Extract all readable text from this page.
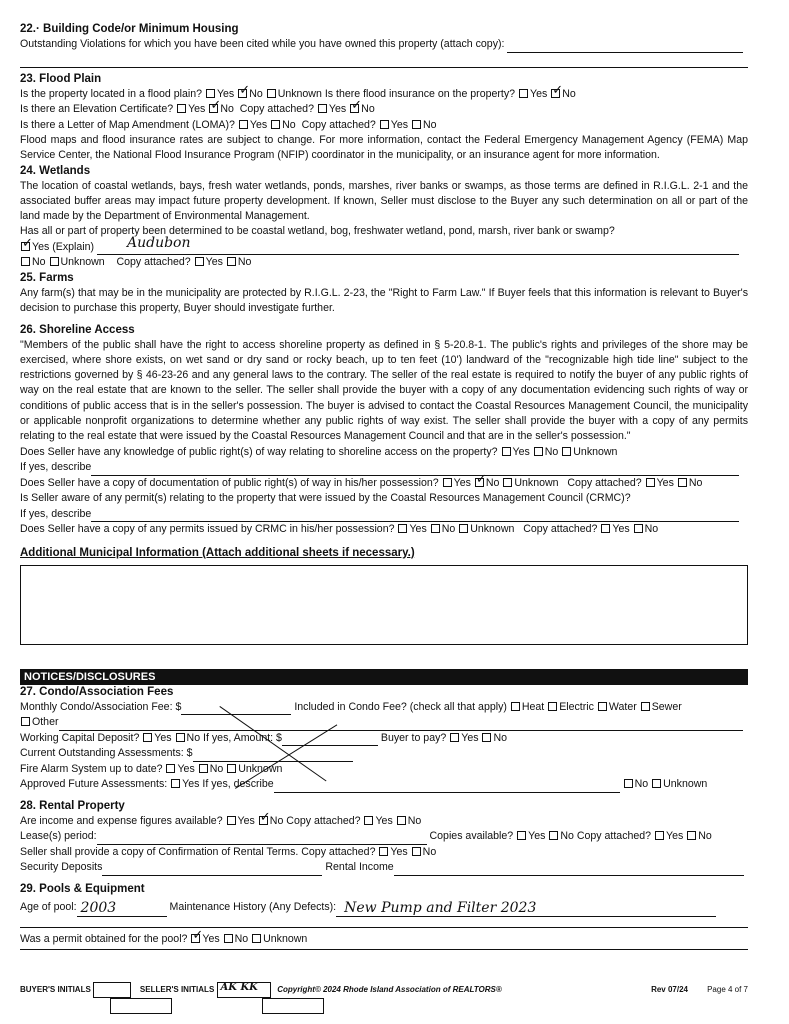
22.· Building Code/or Minimum Housing

Outstanding Violations for which you have been cited while you have owned this property (attach copy):

23. Flood Plain

Is the property located in a flood plain? Yes ✓ No Unknown Is there flood insurance on the property? Yes ✓ No
Is there an Elevation Certificate? Yes ✓ No Copy attached? Yes ✓ No
Is there a Letter of Map Amendment (LOMA)? Yes No Copy attached? Yes No
Flood maps and flood insurance rates are subject to change. For more information, contact the Federal Emergency Management Agency (FEMA) Map Service Center, the National Flood Insurance Program (NFIP) coordinator in the municipality, or an insurance agent for more information.

24. Wetlands

The location of coastal wetlands, bays, fresh water wetlands, ponds, marshes, river banks or swamps, as those terms are defined in R.I.G.L. 2-1 and the associated buffer areas may impact future property development. If known, Seller must disclose to the Buyer any such determination on all or part of the land made by the Department of Environmental Management.
Has all or part of property been determined to be coastal wetland, bog, freshwater wetland, pond, marsh, river bank or swamp?
✓Yes (Explain) Audubon
No Unknown Copy attached? Yes No

25. Farms

Any farm(s) that may be in the municipality are protected by R.I.G.L. 2-23, the "Right to Farm Law." If Buyer feels that this information is relevant to Buyer's decision to purchase this property, Buyer should investigate further.

26. Shoreline Access

"Members of the public shall have the right to access shoreline property as defined in § 5-20.8-1. The public's rights and privileges of the shore may be exercised, where shore exists, on wet sand or dry sand or rocky beach, up to ten feet (10') landward of the "recognizable high tide line" subject to the restrictions governed by § 46-23-26 and any general laws to the contrary. The seller of the real estate is required to notify the buyer of any public rights of way on the real estate that are known to the seller. The seller shall provide the buyer with a copy of any documentation evidencing such rights of way or conditions of public access that is in the seller's possession. The buyer is advised to contact the Coastal Resources Management Council, the municipality or applicable nonprofit organizations to determine whether any public rights of way exist. The seller shall provide the buyer with a copy of any permits relating to the real estate that were issued by the Coastal Resources Management Council and that are in the seller's possession."
Does Seller have any knowledge of public right(s) of way relating to shoreline access on the property? Yes No Unknown
If yes, describe
Does Seller have a copy of documentation of public right(s) of way in his/her possession? Yes ✓ No Unknown Copy attached? Yes No
Is Seller aware of any permit(s) relating to the property that were issued by the Coastal Resources Management Council (CRMC)?
If yes, describe
Does Seller have a copy of any permits issued by CRMC in his/her possession? Yes No Unknown Copy attached? Yes No

Additional Municipal Information (Attach additional sheets if necessary.)

NOTICES/DISCLOSURES

27. Condo/Association Fees

Monthly Condo/Association Fee: $	Included in Condo Fee? (check all that apply) Heat Electric Water Sewer
Other
Working Capital Deposit? Yes No If yes, Amount: $	Buyer to pay? Yes No
Current Outstanding Assessments: $
Fire Alarm System up to date? Yes No Unknown
Approved Future Assessments: Yes If yes, describe	No Unknown

28. Rental Property

Are income and expense figures available? Yes ✓ No Copy attached? Yes No
Lease(s) period:	Copies available? Yes No Copy attached? Yes No
Seller shall provide a copy of Confirmation of Rental Terms. Copy attached? Yes No
Security Deposits	Rental Income

29. Pools & Equipment

Age of pool: 2003	Maintenance History (Any Defects): New Pump and Filter 2023
Was a permit obtained for the pool? ✓ Yes No Unknown
BUYER'S INITIALS	SELLER'S INITIALS AK KK Copyright© 2024 Rhode Island Association of REALTORS®	Rev 07/24 Page 4 of 7
